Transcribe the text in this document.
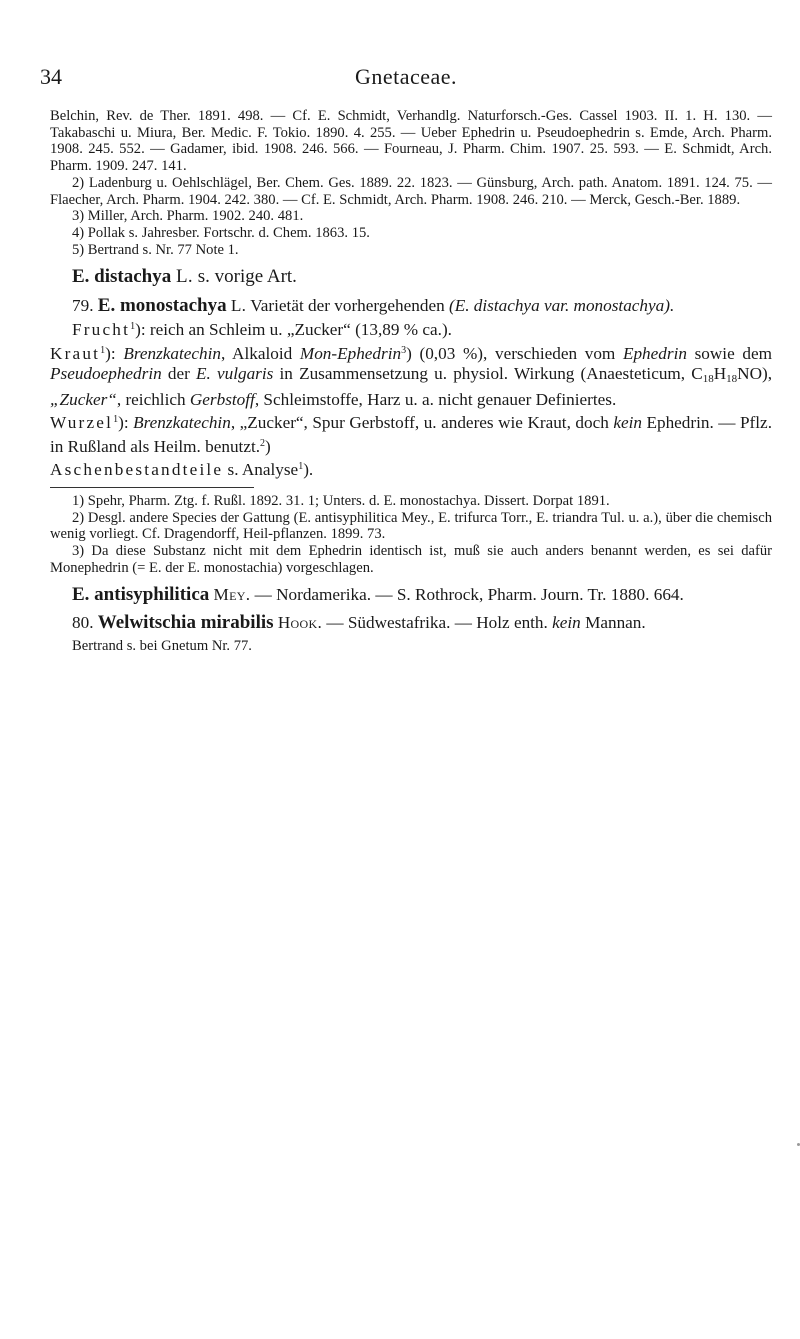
34	Gnetaceae.

Belchin, Rev. de Ther. 1891. 498. — Cf. E. Schmidt, Verhandlg. Naturforsch.-Ges. Cassel 1903. II. 1. H. 130. — Takabaschi u. Miura, Ber. Medic. F. Tokio. 1890. 4. 255. — Ueber Ephedrin u. Pseudoephedrin s. Emde, Arch. Pharm. 1908. 245. 552. — Gadamer, ibid. 1908. 246. 566. — Fourneau, J. Pharm. Chim. 1907. 25. 593. — E. Schmidt, Arch. Pharm. 1909. 247. 141.

2) Ladenburg u. Oehlschlägel, Ber. Chem. Ges. 1889. 22. 1823. — Günsburg, Arch. path. Anatom. 1891. 124. 75. — Flaecher, Arch. Pharm. 1904. 242. 380. — Cf. E. Schmidt, Arch. Pharm. 1908. 246. 210. — Merck, Gesch.-Ber. 1889.

3) Miller, Arch. Pharm. 1902. 240. 481.

4) Pollak s. Jahresber. Fortschr. d. Chem. 1863. 15.

5) Bertrand s. Nr. 77 Note 1.

E. distachya L. s. vorige Art.

79. E. monostachya L. Varietät der vorhergehenden (E. distachya var. monostachya).

Frucht$^1$): reich an Schleim u. „Zucker“ (13,89 % ca.).
Kraut$^1$): Brenzkatechin, Alkaloid Mon-Ephedrin$^3$) (0,03 %), verschieden vom Ephedrin sowie dem Pseudoephedrin der E. vulgaris in Zusammensetzung u. physiol. Wirkung (Anaesteticum, $C_{18}H_{18}NO$), „Zucker“, reichlich Gerbstoff, Schleimstoffe, Harz u. a. nicht genauer Definiertes.
Wurzel$^1$): Brenzkatechin, „Zucker“, Spur Gerbstoff, u. anderes wie Kraut, doch kein Ephedrin. — Pflz. in Rußland als Heilm. benutzt.$^2$)
Aschenbestandteile s. Analyse$^1$).

1) Spehr, Pharm. Ztg. f. Rußl. 1892. 31. 1; Unters. d. E. monostachya. Dissert. Dorpat 1891.

2) Desgl. andere Species der Gattung (E. antisyphilitica Mey., E. trifurca Torr., E. triandra Tul. u. a.), über die chemisch wenig vorliegt. Cf. Dragendorff, Heil-pflanzen. 1899. 73.

3) Da diese Substanz nicht mit dem Ephedrin identisch ist, muß sie auch anders benannt werden, es sei dafür Monephedrin (= E. der E. monostachia) vorgeschlagen.

E. antisyphilitica Mey. — Nordamerika. — S. Rothrock, Pharm. Journ. Tr. 1880. 664.

80. Welwitschia mirabilis Hook. — Südwestafrika. — Holz enth. kein Mannan.

Bertrand s. bei Gnetum Nr. 77.
